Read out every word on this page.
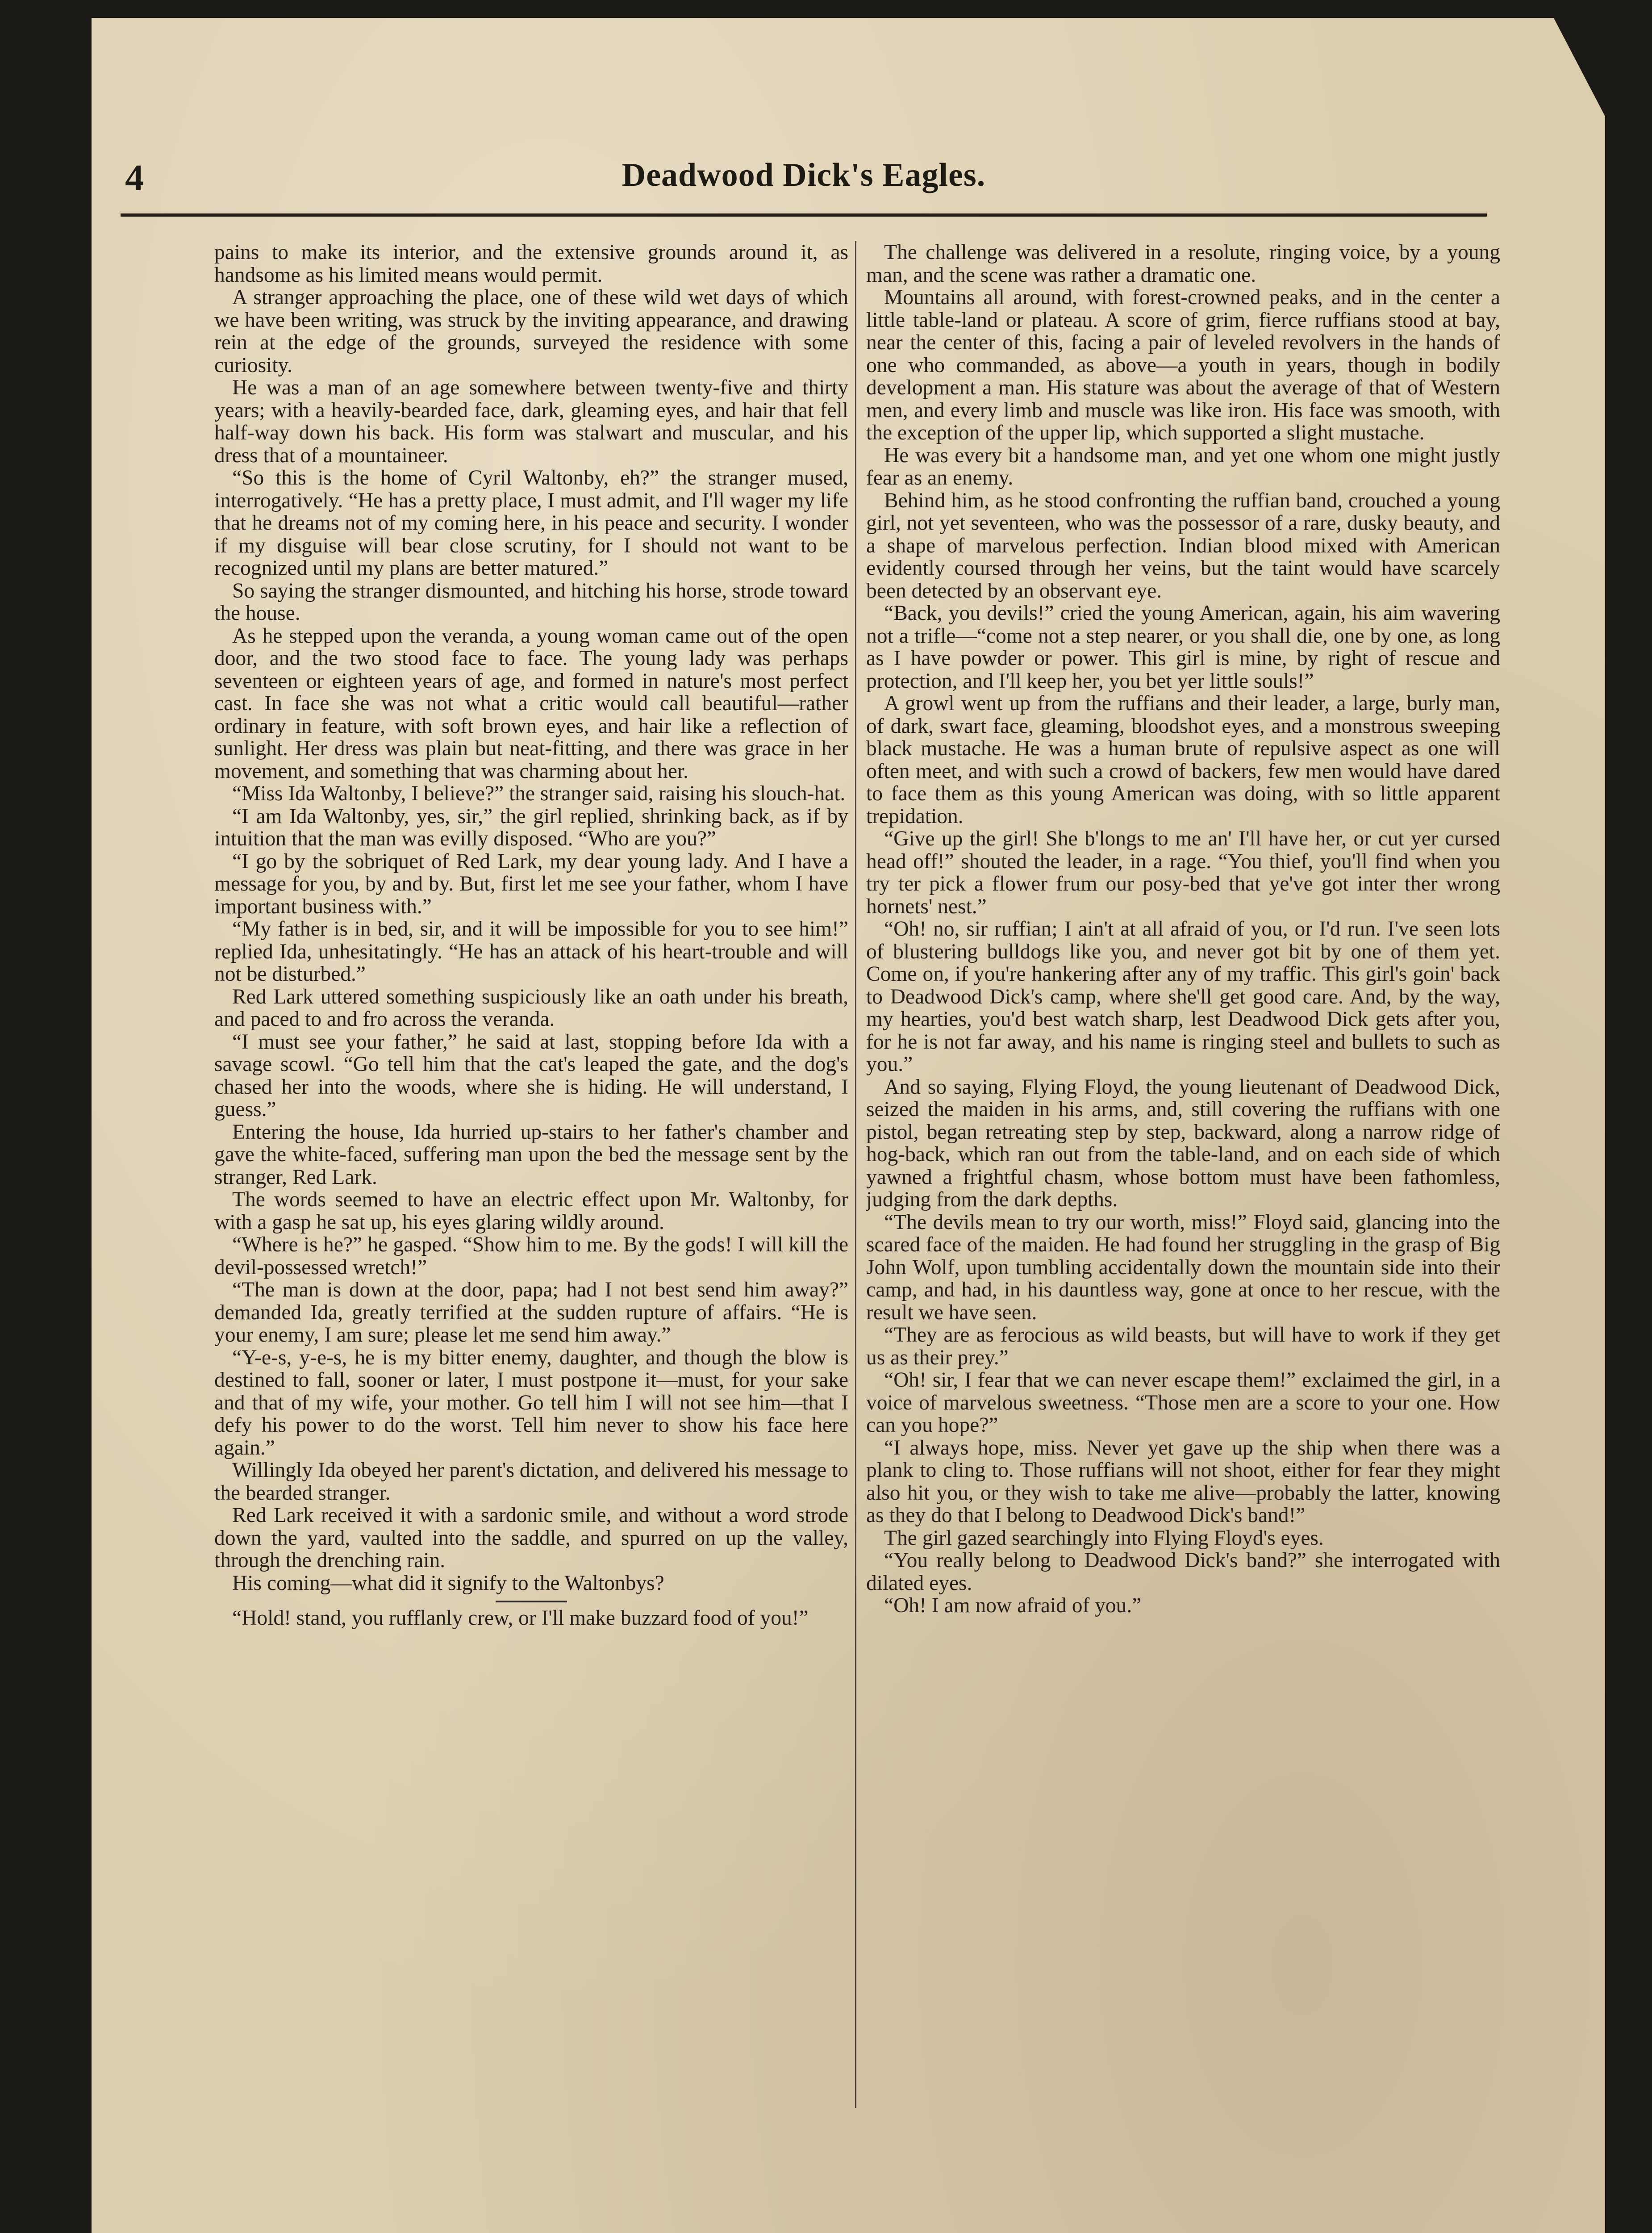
4	Deadwood Dick's Eagles.

pains to make its interior, and the extensive grounds around it, as handsome as his limited means would permit.

A stranger approaching the place, one of these wild wet days of which we have been writing, was struck by the inviting appearance, and drawing rein at the edge of the grounds, surveyed the residence with some curiosity.

He was a man of an age somewhere between twenty-five and thirty years; with a heavily-bearded face, dark, gleaming eyes, and hair that fell half-way down his back. His form was stalwart and muscular, and his dress that of a mountaineer.

“So this is the home of Cyril Waltonby, eh?” the stranger mused, interrogatively. “He has a pretty place, I must admit, and I'll wager my life that he dreams not of my coming here, in his peace and security. I wonder if my disguise will bear close scrutiny, for I should not want to be recognized until my plans are better matured.”

So saying the stranger dismounted, and hitching his horse, strode toward the house.

As he stepped upon the veranda, a young woman came out of the open door, and the two stood face to face. The young lady was perhaps seventeen or eighteen years of age, and formed in nature's most perfect cast. In face she was not what a critic would call beautiful—rather ordinary in feature, with soft brown eyes, and hair like a reflection of sunlight. Her dress was plain but neat-fitting, and there was grace in her movement, and something that was charming about her.

“Miss Ida Waltonby, I believe?” the stranger said, raising his slouch-hat.

“I am Ida Waltonby, yes, sir,” the girl replied, shrinking back, as if by intuition that the man was evilly disposed. “Who are you?”

“I go by the sobriquet of Red Lark, my dear young lady. And I have a message for you, by and by. But, first let me see your father, whom I have important business with.”

“My father is in bed, sir, and it will be impossible for you to see him!” replied Ida, unhesitatingly. “He has an attack of his heart-trouble and will not be disturbed.”

Red Lark uttered something suspiciously like an oath under his breath, and paced to and fro across the veranda.

“I must see your father,” he said at last, stopping before Ida with a savage scowl. “Go tell him that the cat's leaped the gate, and the dog's chased her into the woods, where she is hiding. He will understand, I guess.”

Entering the house, Ida hurried up-stairs to her father's chamber and gave the white-faced, suffering man upon the bed the message sent by the stranger, Red Lark.

The words seemed to have an electric effect upon Mr. Waltonby, for with a gasp he sat up, his eyes glaring wildly around.

“Where is he?” he gasped. “Show him to me. By the gods! I will kill the devil-possessed wretch!”

“The man is down at the door, papa; had I not best send him away?” demanded Ida, greatly terrified at the sudden rupture of affairs. “He is your enemy, I am sure; please let me send him away.”

“Y-e-s, y-e-s, he is my bitter enemy, daughter, and though the blow is destined to fall, sooner or later, I must postpone it—must, for your sake and that of my wife, your mother. Go tell him I will not see him—that I defy his power to do the worst. Tell him never to show his face here again.”

Willingly Ida obeyed her parent's dictation, and delivered his message to the bearded stranger.

Red Lark received it with a sardonic smile, and without a word strode down the yard, vaulted into the saddle, and spurred on up the valley, through the drenching rain.

His coming—what did it signify to the Waltonbys?

“Hold! stand, you rufflanly crew, or I'll make buzzard food of you!”

The challenge was delivered in a resolute, ringing voice, by a young man, and the scene was rather a dramatic one.

Mountains all around, with forest-crowned peaks, and in the center a little table-land or plateau. A score of grim, fierce ruffians stood at bay, near the center of this, facing a pair of leveled revolvers in the hands of one who commanded, as above—a youth in years, though in bodily development a man. His stature was about the average of that of Western men, and every limb and muscle was like iron. His face was smooth, with the exception of the upper lip, which supported a slight mustache.

He was every bit a handsome man, and yet one whom one might justly fear as an enemy.

Behind him, as he stood confronting the ruffian band, crouched a young girl, not yet seventeen, who was the possessor of a rare, dusky beauty, and a shape of marvelous perfection. Indian blood mixed with American evidently coursed through her veins, but the taint would have scarcely been detected by an observant eye.

“Back, you devils!” cried the young American, again, his aim wavering not a trifle—“come not a step nearer, or you shall die, one by one, as long as I have powder or power. This girl is mine, by right of rescue and protection, and I'll keep her, you bet yer little souls!”

A growl went up from the ruffians and their leader, a large, burly man, of dark, swart face, gleaming, bloodshot eyes, and a monstrous sweeping black mustache. He was a human brute of repulsive aspect as one will often meet, and with such a crowd of backers, few men would have dared to face them as this young American was doing, with so little apparent trepidation.

“Give up the girl! She b'longs to me an' I'll have her, or cut yer cursed head off!” shouted the leader, in a rage. “You thief, you'll find when you try ter pick a flower frum our posy-bed that ye've got inter ther wrong hornets' nest.”

“Oh! no, sir ruffian; I ain't at all afraid of you, or I'd run. I've seen lots of blustering bulldogs like you, and never got bit by one of them yet. Come on, if you're hankering after any of my traffic. This girl's goin' back to Deadwood Dick's camp, where she'll get good care. And, by the way, my hearties, you'd best watch sharp, lest Deadwood Dick gets after you, for he is not far away, and his name is ringing steel and bullets to such as you.”

And so saying, Flying Floyd, the young lieutenant of Deadwood Dick, seized the maiden in his arms, and, still covering the ruffians with one pistol, began retreating step by step, backward, along a narrow ridge of hog-back, which ran out from the table-land, and on each side of which yawned a frightful chasm, whose bottom must have been fathomless, judging from the dark depths.

“The devils mean to try our worth, miss!” Floyd said, glancing into the scared face of the maiden. He had found her struggling in the grasp of Big John Wolf, upon tumbling accidentally down the mountain side into their camp, and had, in his dauntless way, gone at once to her rescue, with the result we have seen.

“They are as ferocious as wild beasts, but will have to work if they get us as their prey.”

“Oh! sir, I fear that we can never escape them!” exclaimed the girl, in a voice of marvelous sweetness. “Those men are a score to your one. How can you hope?”

“I always hope, miss. Never yet gave up the ship when there was a plank to cling to. Those ruffians will not shoot, either for fear they might also hit you, or they wish to take me alive—probably the latter, knowing as they do that I belong to Deadwood Dick's band!”

The girl gazed searchingly into Flying Floyd's eyes.

“You really belong to Deadwood Dick's band?” she interrogated with dilated eyes.

“Oh! I am now afraid of you.”
